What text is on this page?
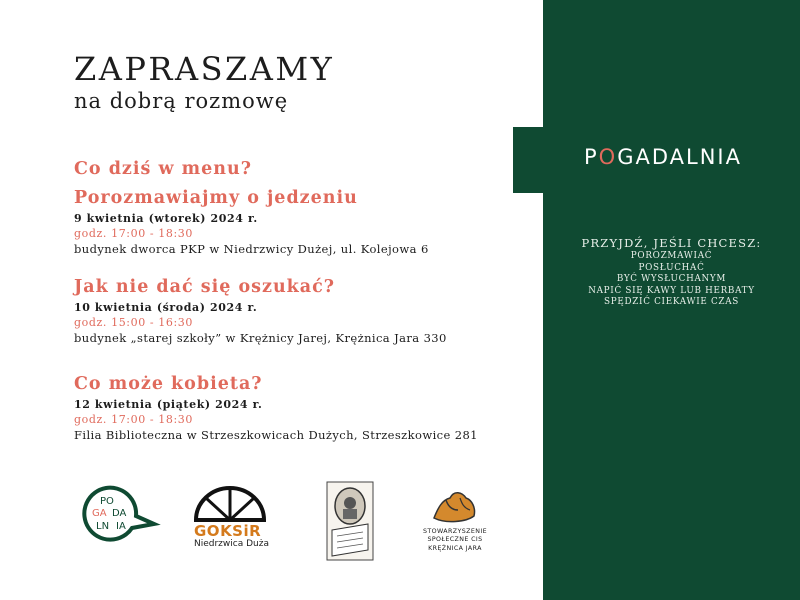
POGADALNIA
PRZYJDŹ, JEŚLI CHCESZ:
POROZMAWIAĆ
POSŁUCHAĆ
BYĆ WYSŁUCHANYM
NAPIĆ SIĘ KAWY LUB HERBATY
SPĘDZIĆ CIEKAWIE CZAS
ZAPRASZAMY
na dobrą rozmowę
Co dziś w menu?
Porozmawiajmy o jedzeniu
9 kwietnia (wtorek) 2024 r.
godz. 17:00 - 18:30
budynek dworca PKP w Niedrzwicy Dużej, ul. Kolejowa 6
Jak nie dać się oszukać?
10 kwietnia (środa) 2024 r.
godz. 15:00 - 16:30
budynek „starej szkoły” w Krężnicy Jarej, Krężnica Jara 330
Co może kobieta?
12 kwietnia (piątek) 2024 r.
godz. 17:00 - 18:30
Filia Biblioteczna w Strzeszkowicach Dużych, Strzeszkowice 281
PO
GA DA
LN IA	GOKSiR
Niedrzwica Duża
STOWARZYSZENIE
SPOŁECZNE CIS
KRĘŻNICA JARA
